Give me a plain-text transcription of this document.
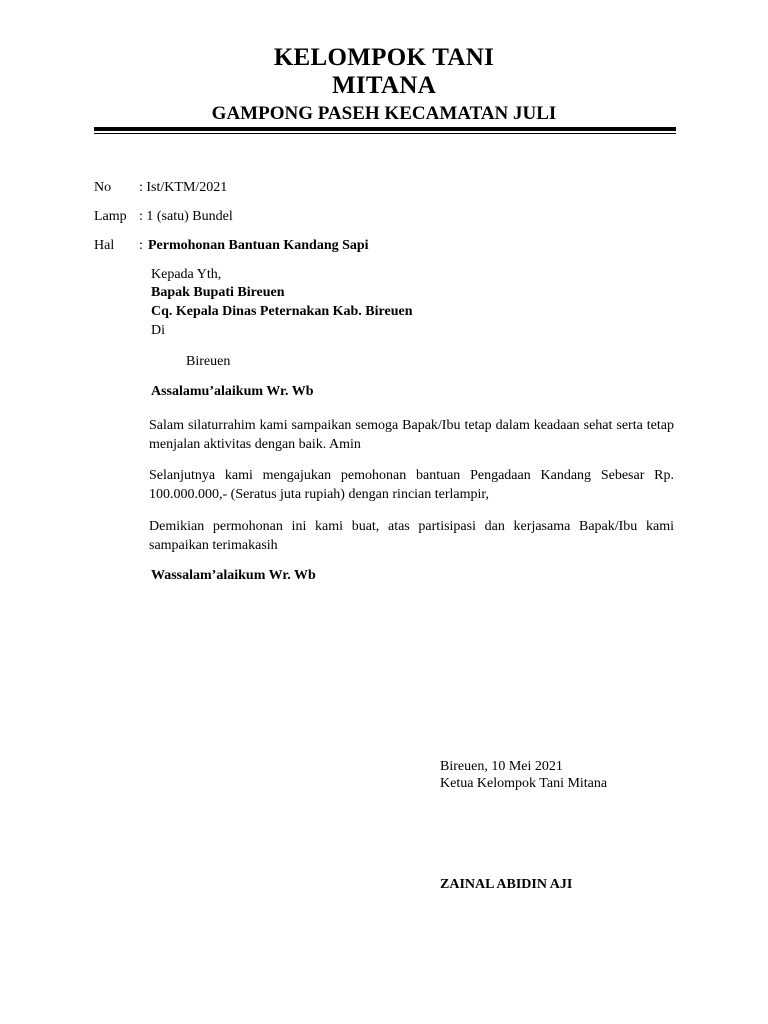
KELOMPOK TANI
MITANA
GAMPONG PASEH KECAMATAN JULI
No : Ist/KTM/2021
Lamp : 1 (satu) Bundel
Hal : Permohonan Bantuan Kandang Sapi
Kepada Yth,
Bapak Bupati Bireuen
Cq. Kepala Dinas Peternakan Kab. Bireuen
Di
Bireuen
Assalamu’alaikum Wr. Wb
Salam silaturrahim kami sampaikan semoga Bapak/Ibu tetap dalam keadaan sehat serta tetap menjalan aktivitas dengan baik. Amin
Selanjutnya kami mengajukan pemohonan bantuan Pengadaan Kandang Sebesar Rp. 100.000.000,- (Seratus juta rupiah) dengan rincian terlampir,
Demikian permohonan ini kami buat, atas partisipasi dan kerjasama Bapak/Ibu kami sampaikan terimakasih
Wassalam’alaikum Wr. Wb
Bireuen, 10 Mei 2021
Ketua Kelompok Tani Mitana
ZAINAL ABIDIN AJI
